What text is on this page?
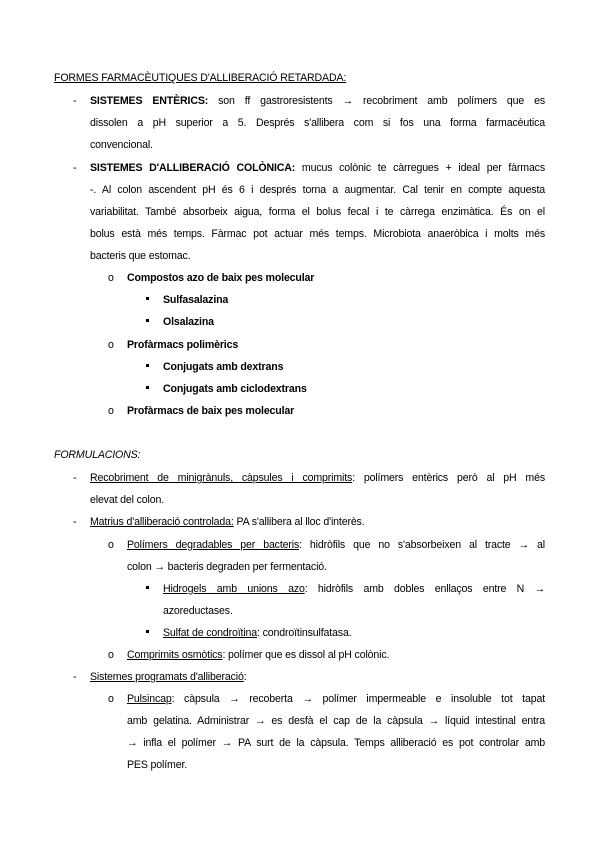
FORMES FARMACÈUTIQUES D'ALLIBERACIÓ RETARDADA:
- SISTEMES ENTÈRICS: son ff gastroresistents → recobriment amb polímers que es
dissolen a pH superior a 5. Després s'allibera com si fos una forma farmacèutica
convencional.
- SISTEMES D'ALLIBERACIÓ COLÒNICA: mucus colònic te càrregues + ideal per fàrmacs
-. Al colon ascendent pH és 6 i després torna a augmentar. Cal tenir en compte aquesta
variabilitat. També absorbeix aigua, forma el bolus fecal i te càrrega enzimàtica. És on el
bolus està més temps. Fàrmac pot actuar més temps. Microbiota anaeròbica i molts més
bacteris que estomac.
o Compostos azo de baix pes molecular
Sulfasalazina
Olsalazina
o Profàrmacs polimèrics
Conjugats amb dextrans
Conjugats amb ciclodextrans
o Profàrmacs de baix pes molecular
FORMULACIONS:
- Recobriment de minigrànuls, càpsules i comprimits: polímers entèrics però al pH més
elevat del colon.
- Matrius d'alliberació controlada: PA s'allibera al lloc d'interès.
o Polímers degradables per bacteris: hidròfils que no s'absorbeixen al tracte → al
colon → bacteris degraden per fermentació.
Hidrogels amb unions azo: hidròfils amb dobles enllaços entre N →
azoreductases.
Sulfat de condroïtina: condroïtinsulfatasa.
o Comprimits osmòtics: polímer que es dissol al pH colònic.
- Sistemes programats d'alliberació:
o Pulsincap: càpsula → recoberta → polímer impermeable e insoluble tot tapat
amb gelatina. Administrar → es desfà el cap de la càpsula → líquid intestinal entra
→ infla el polímer → PA surt de la càpsula. Temps alliberació es pot controlar amb
PES polímer.
